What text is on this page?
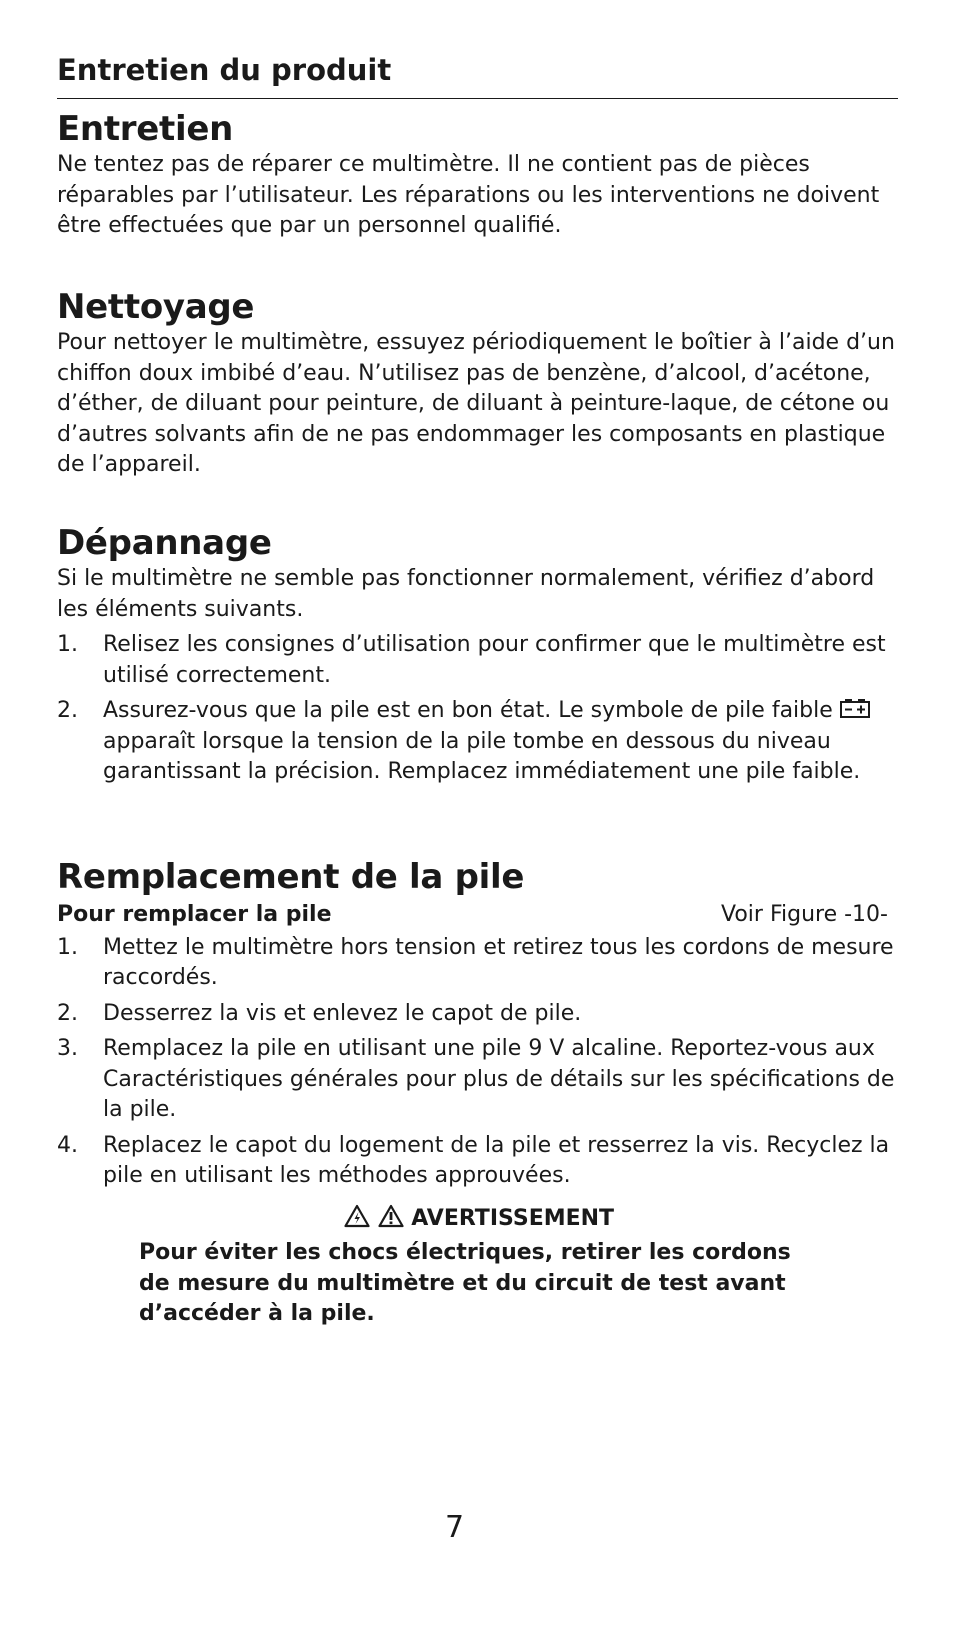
Entretien du produit
Entretien

Ne tentez pas de réparer ce multimètre. Il ne contient pas de pièces réparables par l’utilisateur. Les réparations ou les interventions ne doivent être effectuées que par un personnel qualifié.

Nettoyage

Pour nettoyer le multimètre, essuyez périodiquement le boîtier à l’aide d’un chiffon doux imbibé d’eau. N’utilisez pas de benzène, d’alcool, d’acétone, d’éther, de diluant pour peinture, de diluant à peinture-laque, de cétone ou d’autres solvants afin de ne pas endommager les composants en plastique de l’appareil.

Dépannage

Si le multimètre ne semble pas fonctionner normalement, vérifiez d’abord les éléments suivants.

1. Relisez les consignes d’utilisation pour confirmer que le multimètre est utilisé correctement.
2. Assurez-vous que la pile est en bon état. Le symbole de pile faible  apparaît lorsque la tension de la pile tombe en dessous du niveau garantissant la précision. Remplacez immédiatement une pile faible.
Remplacement de la pile
Pour remplacer la pile	Voir Figure -10-
1. Mettez le multimètre hors tension et retirez tous les cordons de mesure raccordés.
2. Desserrez la vis et enlevez le capot de pile.
3. Remplacez la pile en utilisant une pile 9 V alcaline. Reportez-vous aux Caractéristiques générales pour plus de détails sur les spécifications de la pile.
4. Replacez le capot du logement de la pile et resserrez la vis. Recyclez la pile en utilisant les méthodes approuvées.
AVERTISSEMENT
Pour éviter les chocs électriques, retirer les cordons de mesure du multimètre et du circuit de test avant d’accéder à la pile.
7
